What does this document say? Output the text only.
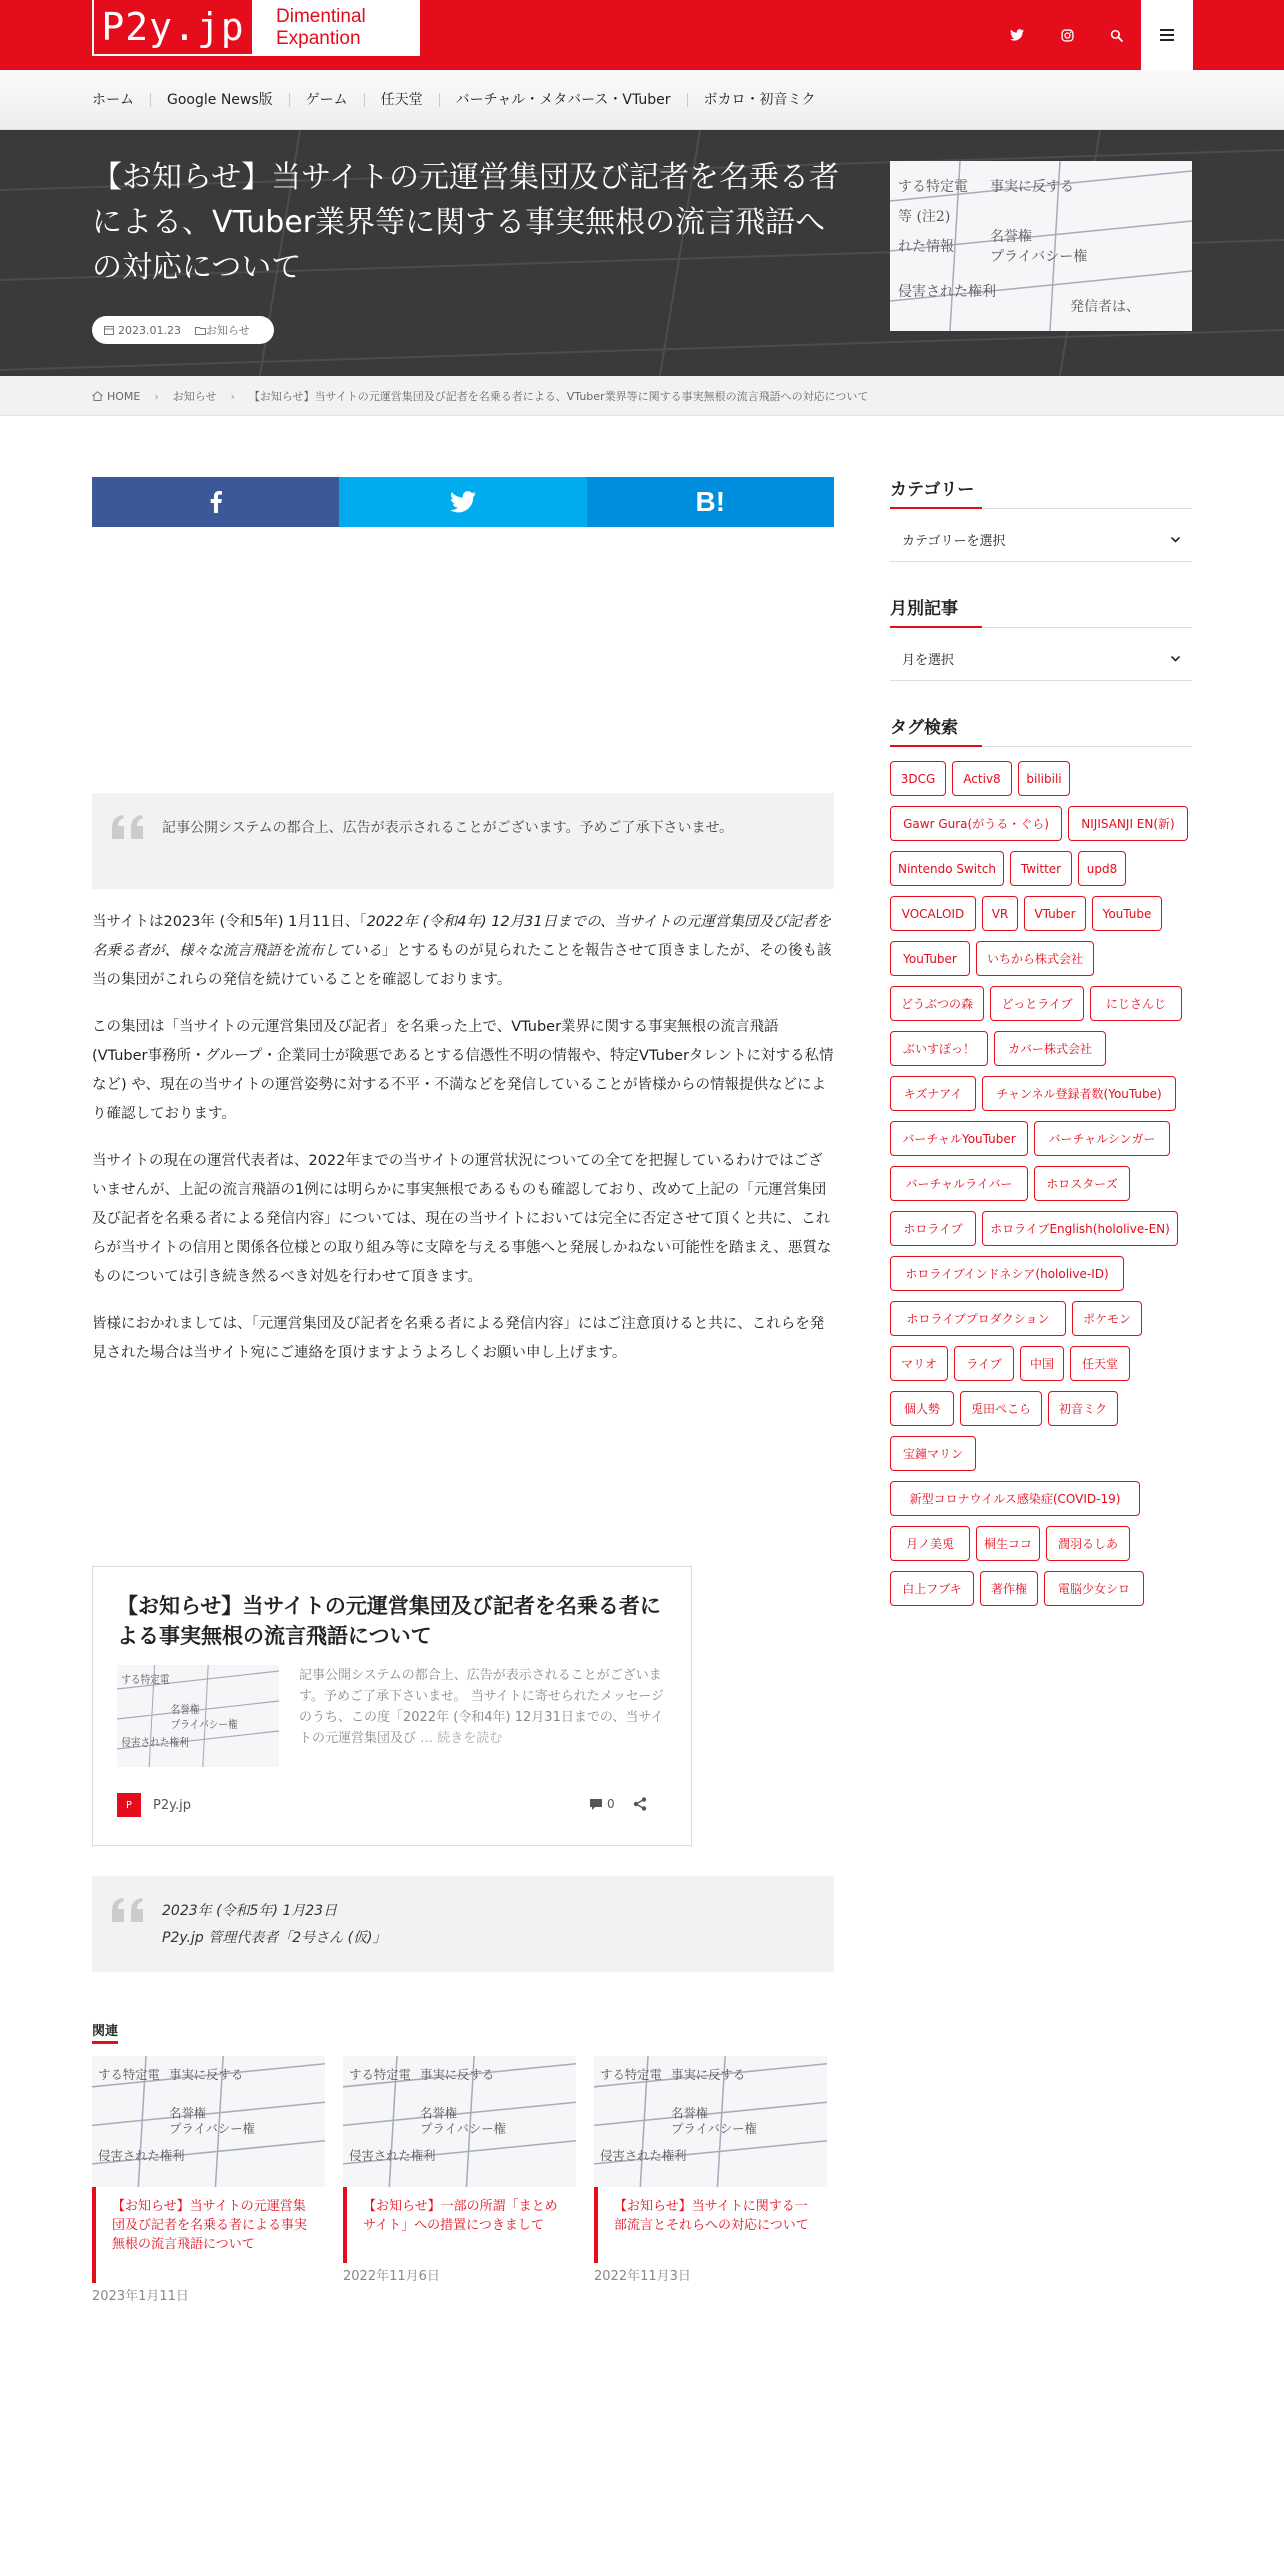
P2y.jp	Dimentinal
Expantion
ホーム	Google News版	ゲーム	任天堂	バーチャル・メタバース・VTuber	ボカロ・初音ミク
【お知らせ】当サイトの元運営集団及び記者を名乗る者による、VTuber業界等に関する事実無根の流言飛語への対応について
2023.01.23 お知らせ
する特定電 事実に反する
等 (注2)
名誉権
れた情報
プライバシー権
侵害された権利
発信者は、
HOME › お知らせ › 【お知らせ】当サイトの元運営集団及び記者を名乗る者による、VTuber業界等に関する事実無根の流言飛語への対応について
B!
記事公開システムの都合上、広告が表示されることがございます。予めご了承下さいませ。

当サイトは2023年 (令和5年) 1月11日、「2022年 (令和4年) 12月31日までの、当サイトの元運営集団及び記者を名乗る者が、様々な流言飛語を流布している」とするものが見られたことを報告させて頂きましたが、その後も該当の集団がこれらの発信を続けていることを確認しております。

この集団は「当サイトの元運営集団及び記者」を名乗った上で、VTuber業界に関する事実無根の流言飛語 (VTuber事務所・グループ・企業同士が険悪であるとする信憑性不明の情報や、特定VTuberタレントに対する私情など) や、現在の当サイトの運営姿勢に対する不平・不満などを発信していることが皆様からの情報提供などにより確認しております。

当サイトの現在の運営代表者は、2022年までの当サイトの運営状況についての全てを把握しているわけではございませんが、上記の流言飛語の1例には明らかに事実無根であるものも確認しており、改めて上記の「元運営集団及び記者を名乗る者による発信内容」については、現在の当サイトにおいては完全に否定させて頂くと共に、これらが当サイトの信用と関係各位様との取り組み等に支障を与える事態へと発展しかねない可能性を踏まえ、悪質なものについては引き続き然るべき対処を行わせて頂きます。

皆様におかれましては、「元運営集団及び記者を名乗る者による発信内容」にはご注意頂けると共に、これらを発見された場合は当サイト宛にご連絡を頂けますようよろしくお願い申し上げます。

【お知らせ】当サイトの元運営集団及び記者を名乗る者による事実無根の流言飛語について
する特定電
名誉権
プライバシー権
侵害された権利
記事公開システムの都合上、広告が表示されることがございます。予めご了承下さいませ。 当サイトに寄せられたメッセージのうち、この度「2022年 (令和4年) 12月31日までの、当サイトの元運営集団及び … 続きを読む
P P2y.jp	0
2023年 (令和5年) 1月23日
P2y.jp 管理代表者「2号さん (仮)」
関連
する特定電 事実に反する
名誉権
プライバシー権
侵害された権利
【お知らせ】当サイトの元運営集団及び記者を名乗る者による事実無根の流言飛語について
2023年1月11日
する特定電 事実に反する
名誉権
プライバシー権
侵害された権利
【お知らせ】一部の所謂「まとめサイト」への措置につきまして
2022年11月6日
する特定電 事実に反する
名誉権
プライバシー権
侵害された権利
【お知らせ】当サイトに関する一部流言とそれらへの対応について
2022年11月3日
カテゴリー
カテゴリーを選択
月別記事
月を選択
タグ検索
3DCG	Activ8	bilibili
Gawr Gura(がうる・ぐら)	NIJISANJI EN(新)
Nintendo Switch	Twitter	upd8
VOCALOID	VR	VTuber	YouTube
YouTuber	いちから株式会社
どうぶつの森	どっとライブ	にじさんじ
ぶいすぽっ！	カバー株式会社
キズナアイ	チャンネル登録者数(YouTube)
バーチャルYouTuber	バーチャルシンガー
バーチャルライバー	ホロスターズ
ホロライブ	ホロライブEnglish(hololive-EN)
ホロライブインドネシア(hololive-ID)
ホロライブプロダクション	ポケモン
マリオ	ライブ	中国	任天堂
個人勢	兎田ぺこら	初音ミク
宝鐘マリン
新型コロナウイルス感染症(COVID-19)
月ノ美兎	桐生ココ	潤羽るしあ
白上フブキ	著作権	電脳少女シロ
